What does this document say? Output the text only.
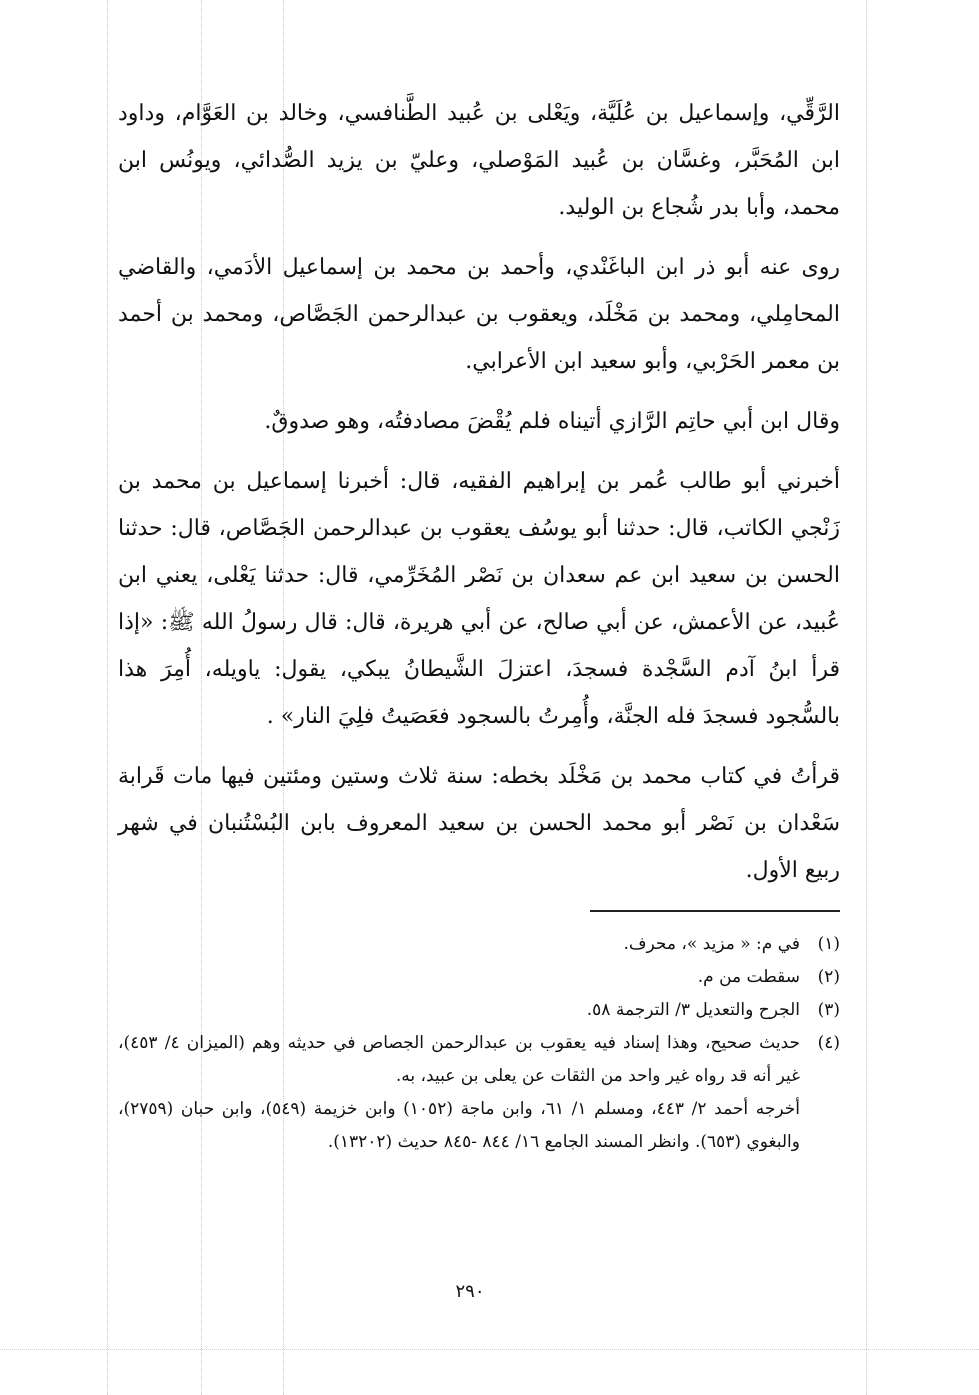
الرَّقِّي، وإسماعيل بن عُلَيَّة، ويَعْلى بن عُبيد الطَّنافسي، وخالد بن العَوَّام، وداود ابن المُحَبَّر، وغسَّان بن عُبيد المَوْصلي، وعليّ بن يزيد الصُّدائي، ويونُس ابن محمد، وأبا بدر شُجاع بن الوليد.

روى عنه أبو ذر ابن الباغَنْدي، وأحمد بن محمد بن إسماعيل الأدَمي، والقاضي المحامِلي، ومحمد بن مَخْلَد، ويعقوب بن عبدالرحمن الجَصَّاص، ومحمد بن أحمد بن معمر الحَرْبي، وأبو سعيد ابن الأعرابي.

وقال ابن أبي حاتِم الرَّازي أتيناه فلم يُقْضَ مصادفتُه، وهو صدوقٌ.

أخبرني أبو طالب عُمر بن إبراهيم الفقيه، قال: أخبرنا إسماعيل بن محمد بن زَنْجي الكاتب، قال: حدثنا أبو يوسُف يعقوب بن عبدالرحمن الجَصَّاص، قال: حدثنا الحسن بن سعيد ابن عم سعدان بن نَصْر المُخَرِّمي، قال: حدثنا يَعْلى، يعني ابن عُبيد، عن الأعمش، عن أبي صالح، عن أبي هريرة، قال: قال رسولُ الله ﷺ: «إذا قرأ ابنُ آدم السَّجْدة فسجدَ، اعتزلَ الشَّيطانُ يبكي، يقول: ياويله، أُمِرَ هذا بالسُّجود فسجدَ فله الجنَّة، وأُمِرتُ بالسجود فعَصَيتُ فلِيَ النار» .

قرأتُ في كتاب محمد بن مَخْلَد بخطه: سنة ثلاث وستين ومئتين فيها مات قَرابة سَعْدان بن نَصْر أبو محمد الحسن بن سعيد المعروف بابن البُسْتُنبان في شهر ربيع الأول.

(١)
في م: « مزيد »، محرف.
(٢)
سقطت من م.
(٣)
الجرح والتعديل ٣/ الترجمة ٥٨.
(٤)
حديث صحيح، وهذا إسناد فيه يعقوب بن عبدالرحمن الجصاص في حديثه وهم (الميزان ٤/ ٤٥٣)، غير أنه قد رواه غير واحد من الثقات عن يعلى بن عبيد، به.

أخرجه أحمد ٢/ ٤٤٣، ومسلم ١/ ٦١، وابن ماجة (١٠٥٢) وابن خزيمة (٥٤٩)، وابن حبان (٢٧٥٩)، والبغوي (٦٥٣). وانظر المسند الجامع ١٦/ ٨٤٤ -٨٤٥ حديث (١٣٢٠٢).

٢٩٠
